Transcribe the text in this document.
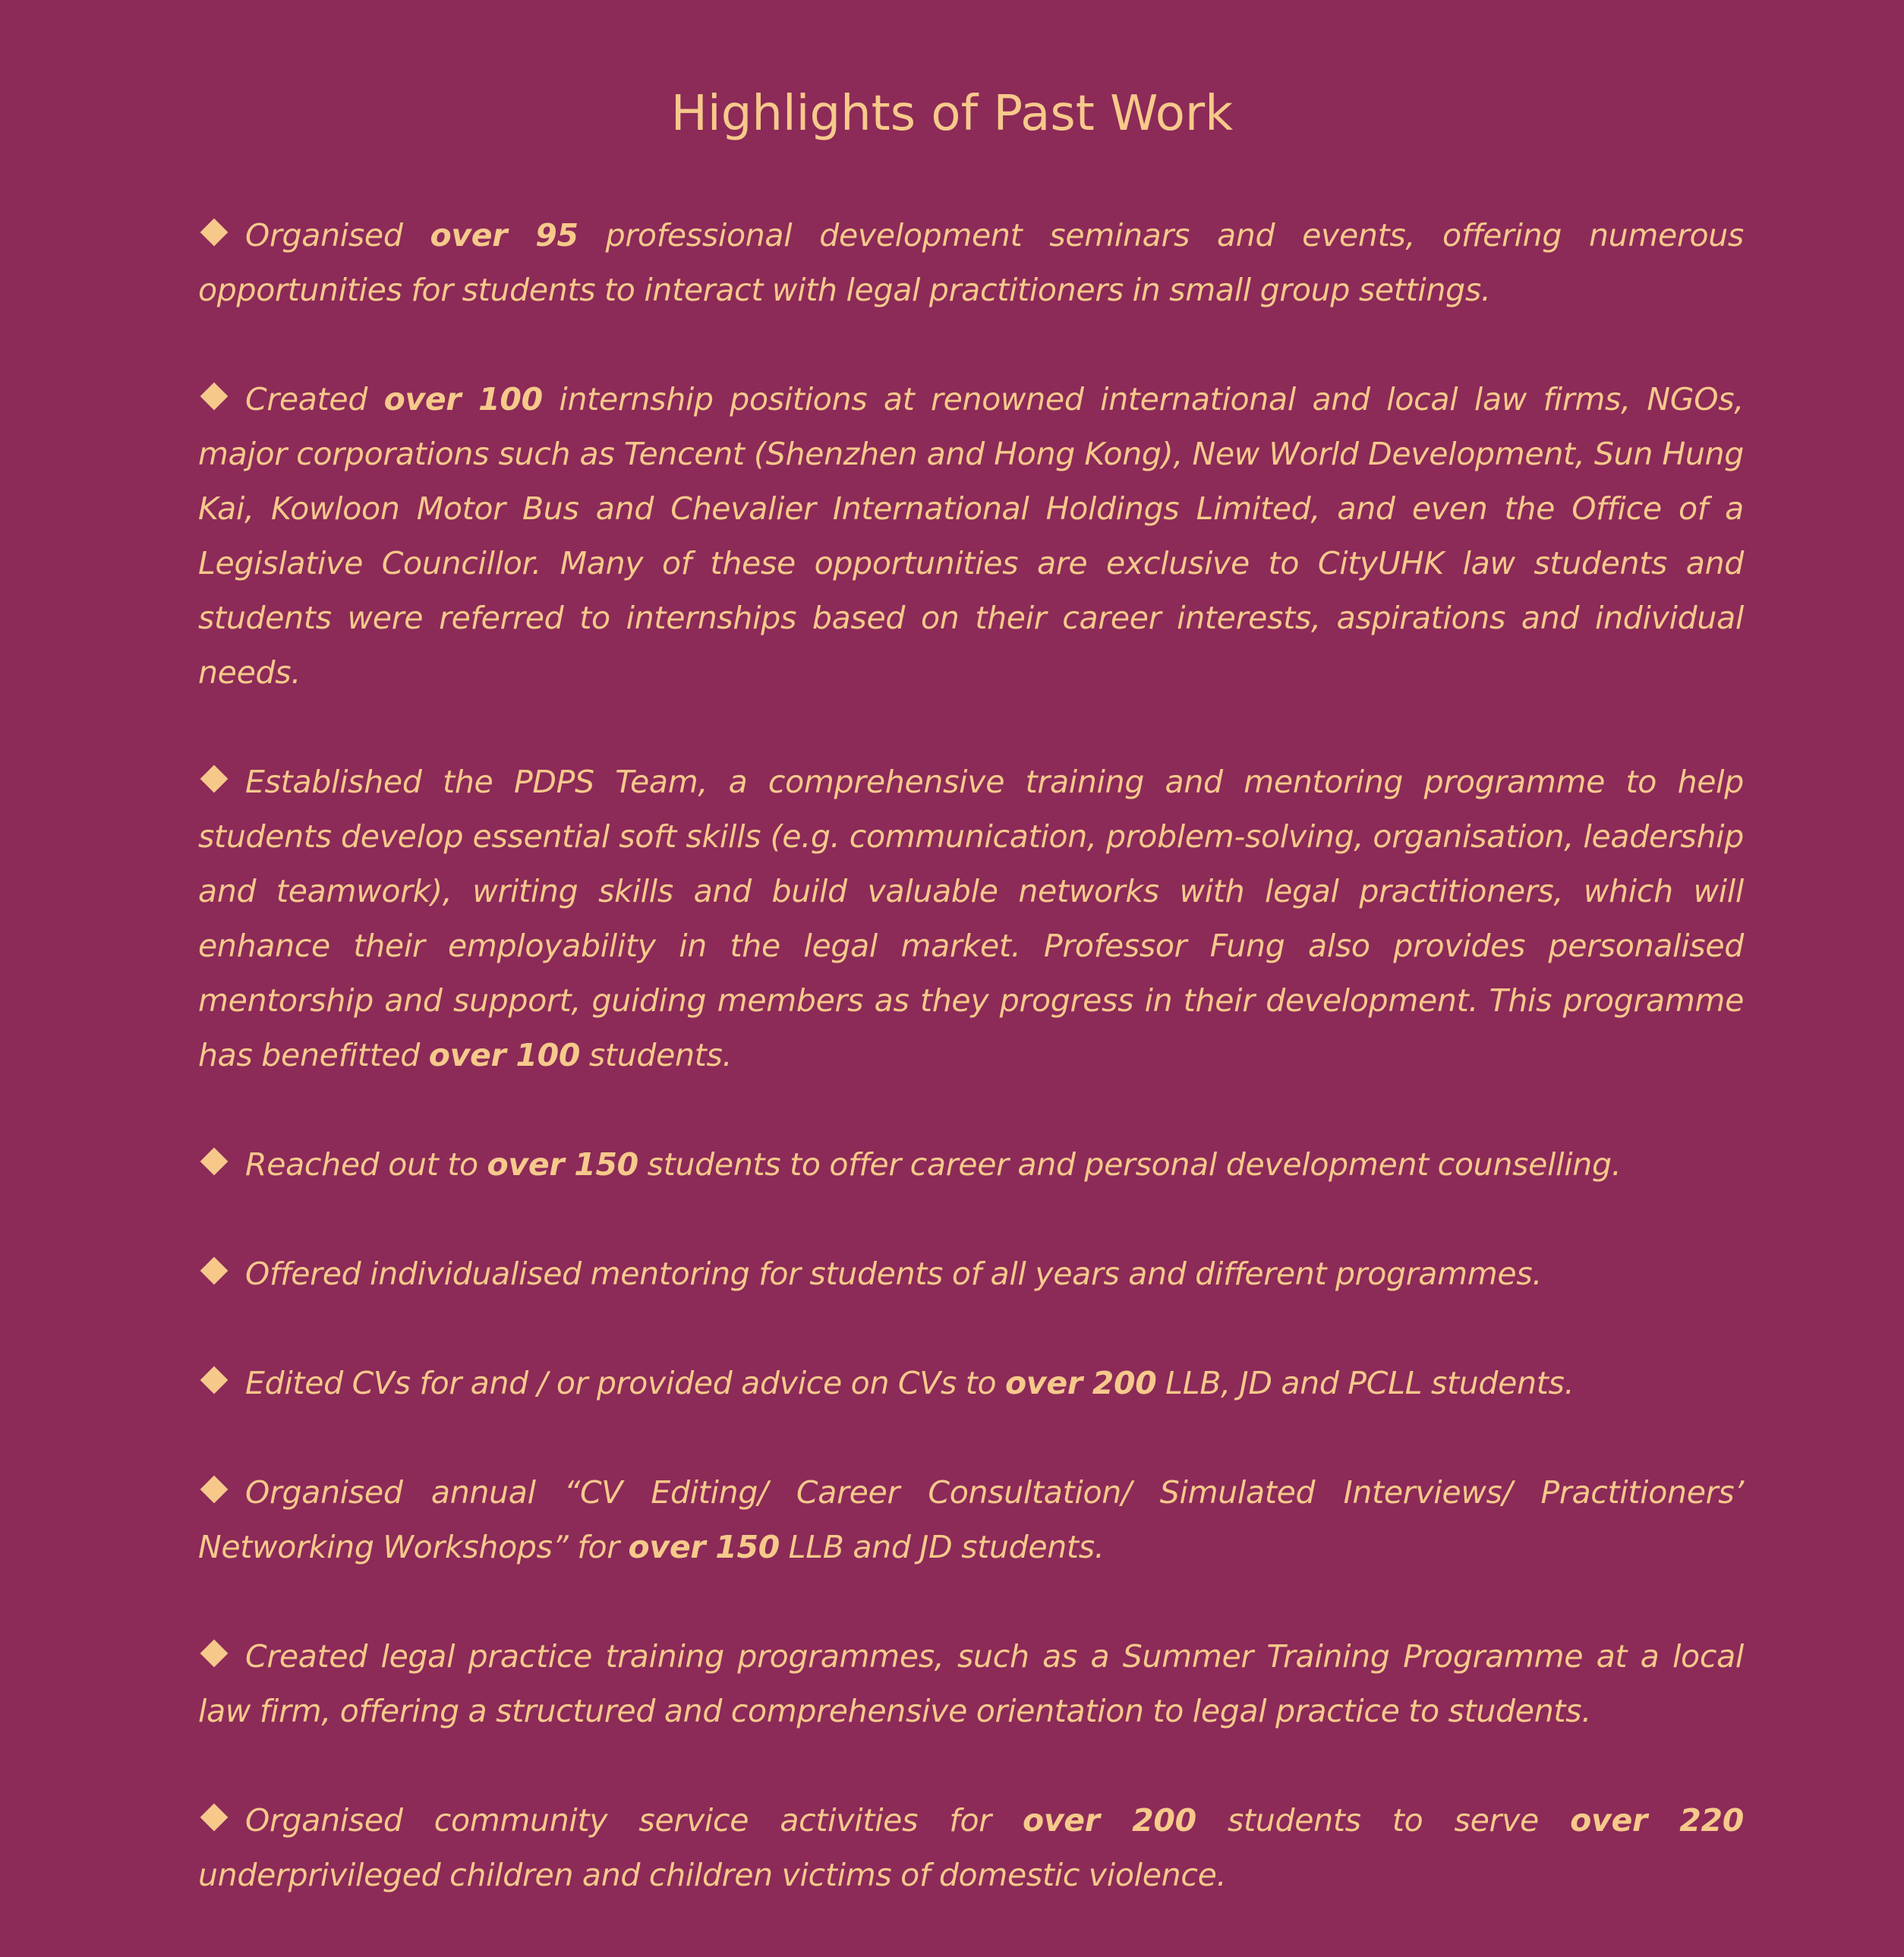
Highlights of Past Work
Organised over 95 professional development seminars and events, offering numerous opportunities for students to interact with legal practitioners in small group settings.
Created over 100 internship positions at renowned international and local law firms, NGOs, major corporations such as Tencent (Shenzhen and Hong Kong), New World Development, Sun Hung Kai, Kowloon Motor Bus and Chevalier International Holdings Limited, and even the Office of a Legislative Councillor. Many of these opportunities are exclusive to CityUHK law students and students were referred to internships based on their career interests, aspirations and individual needs.
Established the PDPS Team, a comprehensive training and mentoring programme to help students develop essential soft skills (e.g. communication, problem-solving, organisation, leadership and teamwork), writing skills and build valuable networks with legal practitioners, which will enhance their employability in the legal market. Professor Fung also provides personalised mentorship and support, guiding members as they progress in their development. This programme has benefitted over 100 students.
Reached out to over 150 students to offer career and personal development counselling.
Offered individualised mentoring for students of all years and different programmes.
Edited CVs for and / or provided advice on CVs to over 200 LLB, JD and PCLL students.
Organised annual “CV Editing/ Career Consultation/ Simulated Interviews/ Practitioners’ Networking Workshops” for over 150 LLB and JD students.
Created legal practice training programmes, such as a Summer Training Programme at a local law firm, offering a structured and comprehensive orientation to legal practice to students.
Organised community service activities for over 200 students to serve over 220 underprivileged children and children victims of domestic violence.
